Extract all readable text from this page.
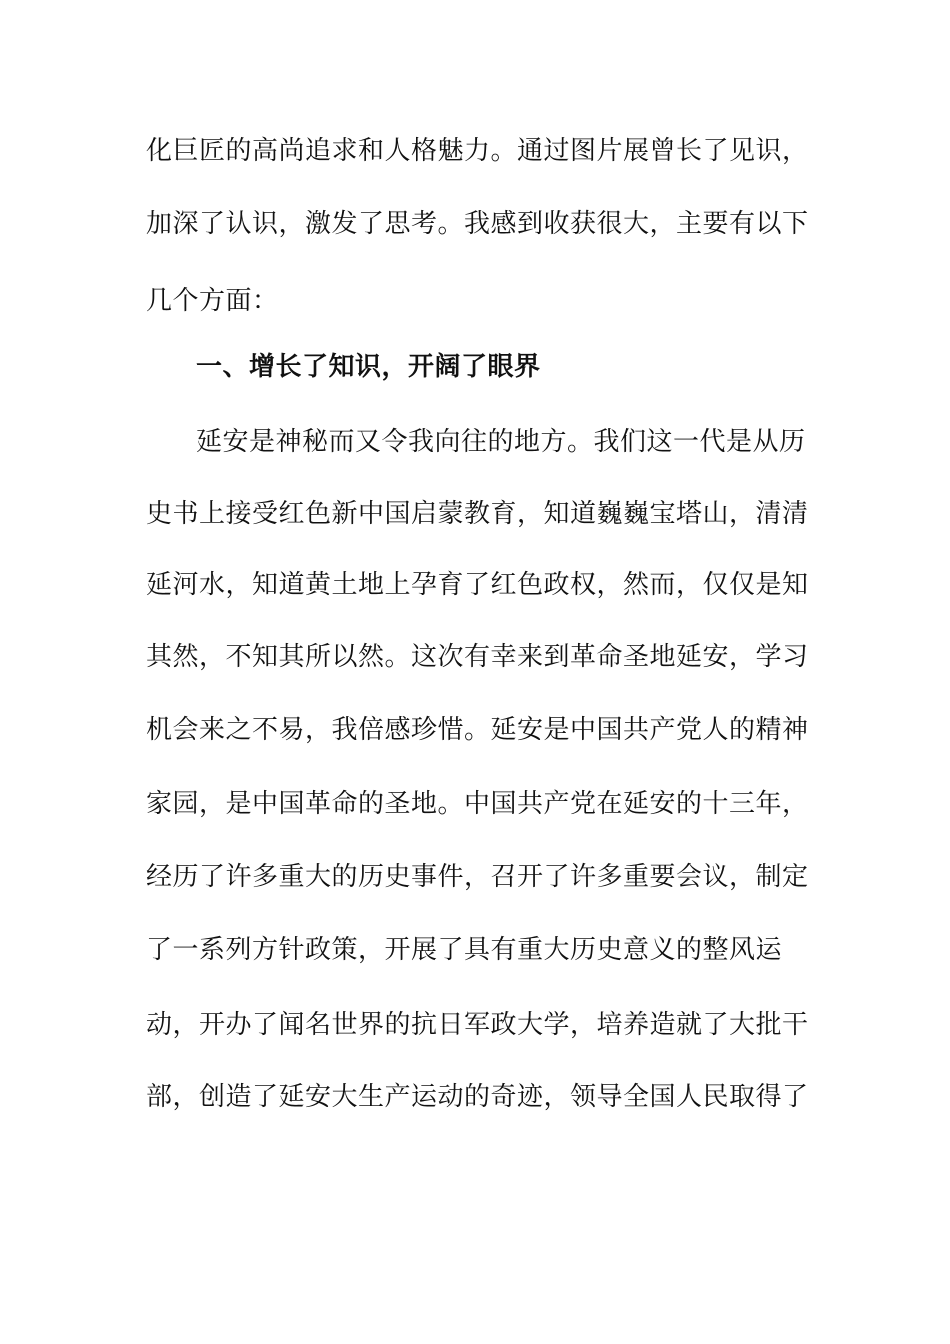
化巨匠的高尚追求和人格魅力。通过图片展曾长了见识，
加深了认识，激发了思考。我感到收获很大，主要有以下
几个方面：
一、增长了知识，开阔了眼界
延安是神秘而又令我向往的地方。我们这一代是从历
史书上接受红色新中国启蒙教育，知道巍巍宝塔山，清清
延河水，知道黄土地上孕育了红色政权，然而，仅仅是知
其然，不知其所以然。这次有幸来到革命圣地延安，学习
机会来之不易，我倍感珍惜。延安是中国共产党人的精神
家园，是中国革命的圣地。中国共产党在延安的十三年，
经历了许多重大的历史事件，召开了许多重要会议，制定
了一系列方针政策，开展了具有重大历史意义的整风运
动，开办了闻名世界的抗日军政大学，培养造就了大批干
部，创造了延安大生产运动的奇迹，领导全国人民取得了
